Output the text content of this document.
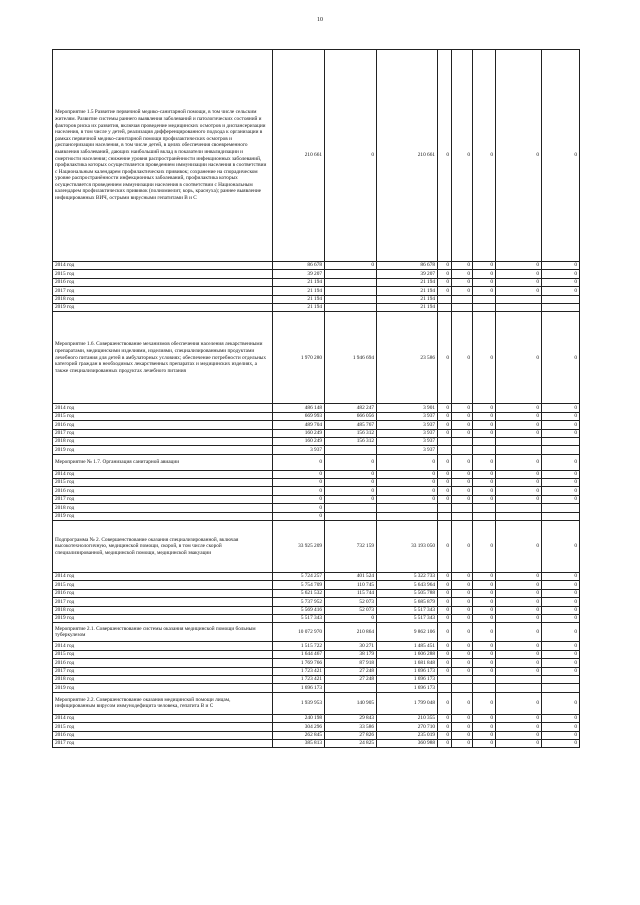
10
Мероприятие 1.5 Развитие первичной медико-санитарной помощи, в том числе сельским жителям. Развитие системы раннего выявления заболеваний и патологических состояний и факторов риска их развития, включая проведение медицинских осмотров и диспансеризации населения, в том числе у детей, реализация дифференцированного подхода к организации в рамках первичной медико-санитарной помощи профилактических осмотров и диспансеризации населения, в том числе детей, в целях обеспечения своевременного выявления заболеваний, дающих наибольший вклад в показатели инвалидизации и смертности населения; снижение уровня распространённости инфекционных заболеваний, профилактика которых осуществляется проведением иммунизации населения в соответствии с Национальным календарем профилактических прививок; сохранение на спорадическом уровне распространённости инфекционных заболеваний, профилактика которых осуществляется проведением иммунизации населения в соответствии с Национальным календарем профилактических прививок (полиомиелит, корь, краснуха); раннее выявление инфицированных ВИЧ, острыми вирусными гепатитами В и С	210 661	0	210 661	0	0	0	0	0
2014 год	86 678	0	86 678	0	0	0	0	0
2015 год	39 207		39 207	0	0	0	0	0
2016 год	21 194		21 194	0	0	0	0	0
2017 год	21 194		21 194	0	0	0	0	0
2018 год	21 194		21 194					
2019 год	21 194		21 194					
Мероприятие 1.6. Совершенствование механизмов обеспечения населения лекарственными препаратами, медицинскими изделиями, изделиями, специализированными продуктами лечебного питания для детей в амбулаторных условиях; обеспечение потребности отдельных категорий граждан в необходимых лекарственных препаратах и медицинских изделиях, а также специализированных продуктах лечебного питания	1 970 280	1 946 694	23 586	0	0	0	0	0
2014 год	486 148	482 247	3 901	0	0	0	0	0
2015 год	669 993	666 056	3 937	0	0	0	0	0
2016 год	489 704	485 767	3 937	0	0	0	0	0
2017 год	160 249	156 312	3 937	0	0	0	0	0
2018 год	160 249	156 312	3 937					
2019 год	3 937		3 937					
Мероприятие № 1.7. Организация санитарной авиации	0	0	0	0	0	0	0	0
2014 год	0	0	0	0	0	0	0	0
2015 год	0	0	0	0	0	0	0	0
2016 год	0	0	0	0	0	0	0	0
2017 год	0	0	0	0	0	0	0	0
2018 год	0							
2019 год	0							
Подпрограмма № 2. Совершенствование оказания специализированной, включая высокотехнологичную, медицинской помощи, скорой, в том числе скорой специализированной, медицинской помощи, медицинской эвакуации	33 925 209	732 159	33 193 050	0	0	0	0	0
2014 год	5 724 257	401 524	5 322 733	0	0	0	0	0
2015 год	5 754 709	110 745	5 643 964	0	0	0	0	0
2016 год	5 621 532	115 744	5 505 788	0	0	0	0	0
2017 год	5 737 952	52 073	5 685 879	0	0	0	0	0
2018 год	5 569 416	52 073	5 517 343	0	0	0	0	0
2019 год	5 517 343	0	5 517 343	0	0	0	0	0
Мероприятие 2.1. Совершенствование системы оказания медицинской помощи больным туберкулезом	10 072 970	210 864	9 862 106	0	0	0	0	0
2014 год	1 515 722	30 271	1 485 451	0	0	0	0	0
2015 год	1 644 467	38 179	1 606 288	0	0	0	0	0
2016 год	1 769 766	87 918	1 681 848	0	0	0	0	0
2017 год	1 723 421	27 248	1 696 173	0	0	0	0	0
2018 год	1 723 421	27 248	1 696 173					
2019 год	1 696 173		1 696 173					
Мероприятие 2.2. Совершенствование оказания медицинской помощи лицам, инфицированным вирусом иммунодефицита человека, гепатита В и С	1 939 953	140 905	1 799 048	0	0	0	0	0
2014 год	240 198	29 843	210 355	0	0	0	0	0
2015 год	304 296	33 586	270 710	0	0	0	0	0
2016 год	262 845	27 826	235 019	0	0	0	0	0
2017 год	385 813	24 825	360 988	0	0	0	0	0
